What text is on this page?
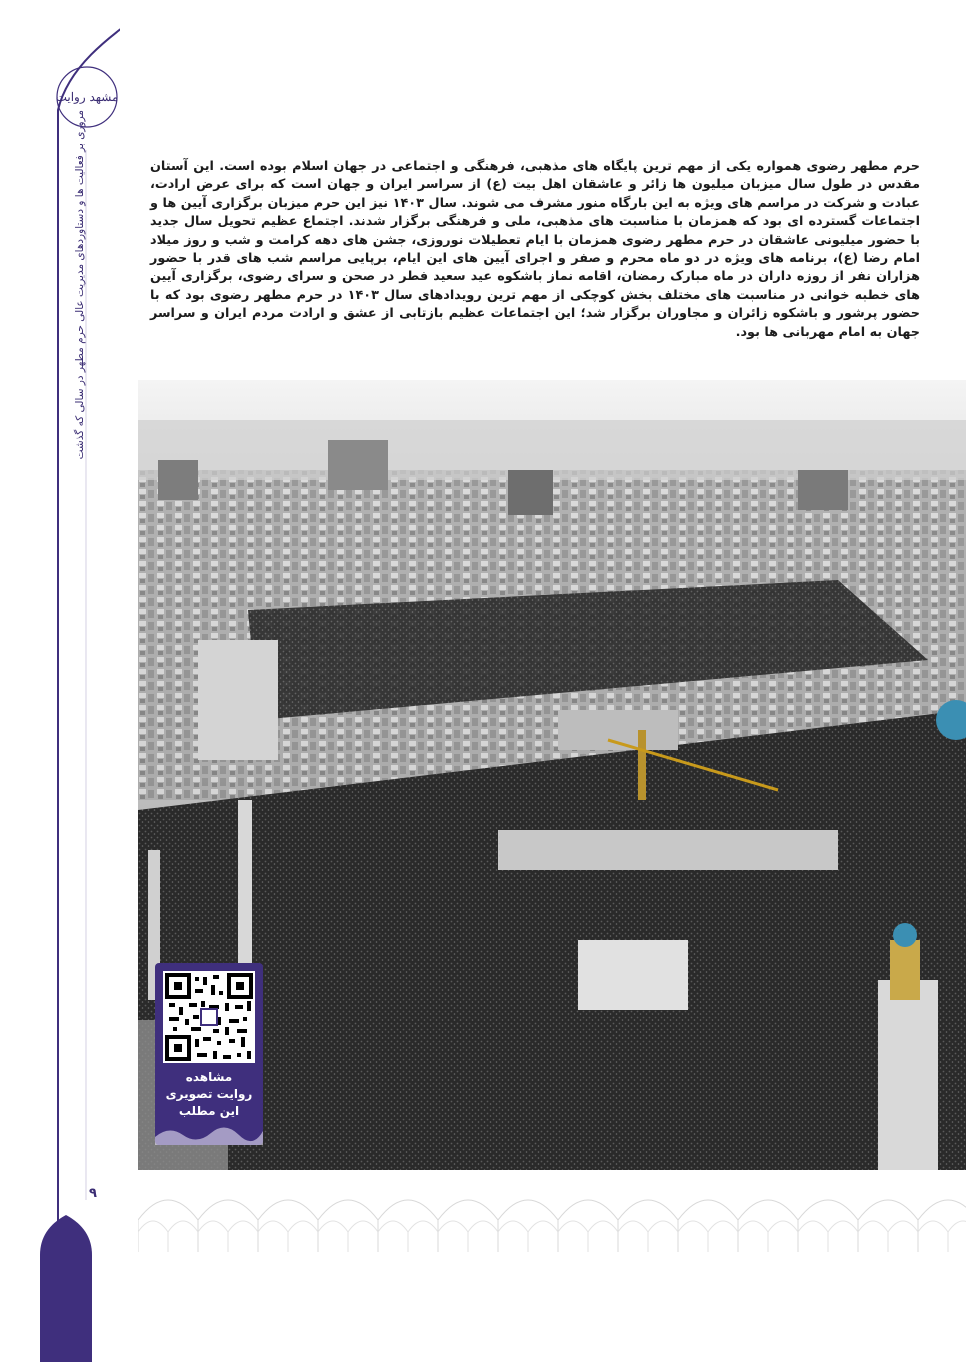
مشهد روایت
مروری بر فعالیت ها و دستاوردهای مدیریت عالی حرم مطهر در سالی که گذشت	حرم مطهر رضوی همواره یکی از مهم ترین پایگاه های مذهبی، فرهنگی و اجتماعی در جهان اسلام بوده است. این آستان مقدس در طول سال میزبان میلیون ها زائر و عاشقان اهل بیت (ع) از سراسر ایران و جهان است که برای عرض ارادت، عبادت و شرکت در مراسم های ویژه به این بارگاه منور مشرف می شوند. سال ۱۴۰۳ نیز این حرم میزبان برگزاری آیین ها و اجتماعات گسترده ای بود که همزمان با مناسبت های مذهبی، ملی و فرهنگی برگزار شدند. اجتماع عظیم تحویل سال جدید با حضور میلیونی عاشقان در حرم مطهر رضوی همزمان با ایام تعطیلات نوروزی، جشن های دهه کرامت و شب و روز میلاد امام رضا (ع)، برنامه های ویژه در دو ماه محرم و صفر و اجرای آیین های این ایام، برپایی مراسم شب های قدر با حضور هزاران نفر از روزه داران در ماه مبارک رمضان، اقامه نماز باشکوه عید سعید فطر در صحن و سرای رضوی، برگزاری آیین های خطبه خوانی در مناسبت های مختلف بخش کوچکی از مهم ترین رویدادهای سال ۱۴۰۳ در حرم مطهر رضوی بود که با حضور پرشور و باشکوه زائران و مجاوران برگزار شد؛ این اجتماعات عظیم بازتابی از عشق و ارادت مردم ایران و سراسر جهان به امام مهربانی ها بود.

مشاهده
روایت تصویری
این مطلب
۹
